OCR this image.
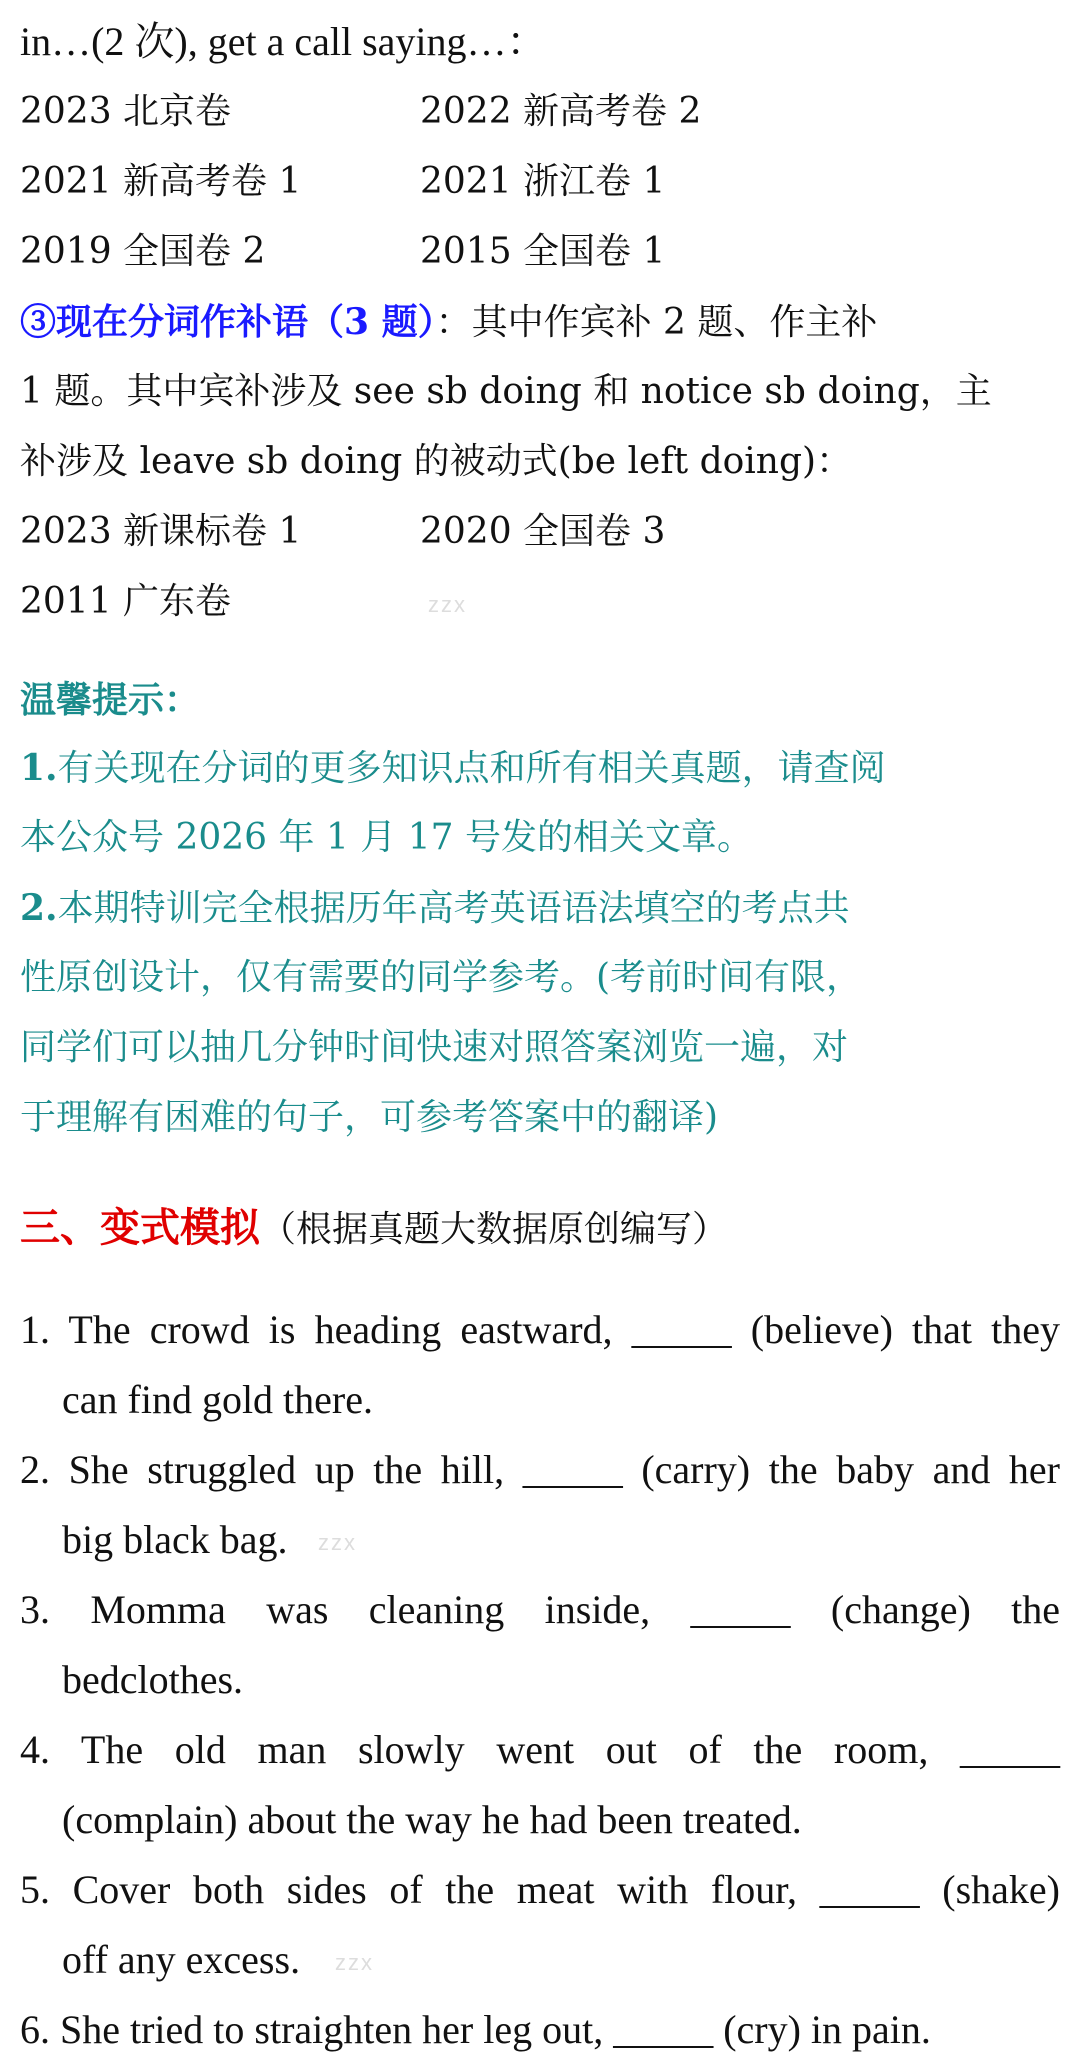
in…(2 次), get a call saying…：
2023 北京卷	2022 新高考卷 2
2021 新高考卷 1	2021 浙江卷 1
2019 全国卷 2	2015 全国卷 1
③现在分词作补语（3 题）：其中作宾补 2 题、作主补
1 题。其中宾补涉及 see sb doing 和 notice sb doing，主
补涉及 leave sb doing 的被动式(be left doing)：
2023 新课标卷 1	2020 全国卷 3
2011 广东卷	zzx
温馨提示：
1.有关现在分词的更多知识点和所有相关真题，请查阅
本公众号 2026 年 1 月 17 号发的相关文章。
2.本期特训完全根据历年高考英语语法填空的考点共
性原创设计，仅有需要的同学参考。(考前时间有限，
同学们可以抽几分钟时间快速对照答案浏览一遍，对
于理解有困难的句子，可参考答案中的翻译)
三、变式模拟（根据真题大数据原创编写）
1. The crowd is heading eastward, _____ (believe) that they
can find gold there.
2. She struggled up the hill, _____ (carry) the baby and her
big black bag.	zzx
3. Momma was cleaning inside, _____ (change) the
bedclothes.
4. The old man slowly went out of the room, _____
(complain) about the way he had been treated.
5. Cover both sides of the meat with flour, _____ (shake)
off any excess.	zzx
6. She tried to straighten her leg out, _____ (cry) in pain.
